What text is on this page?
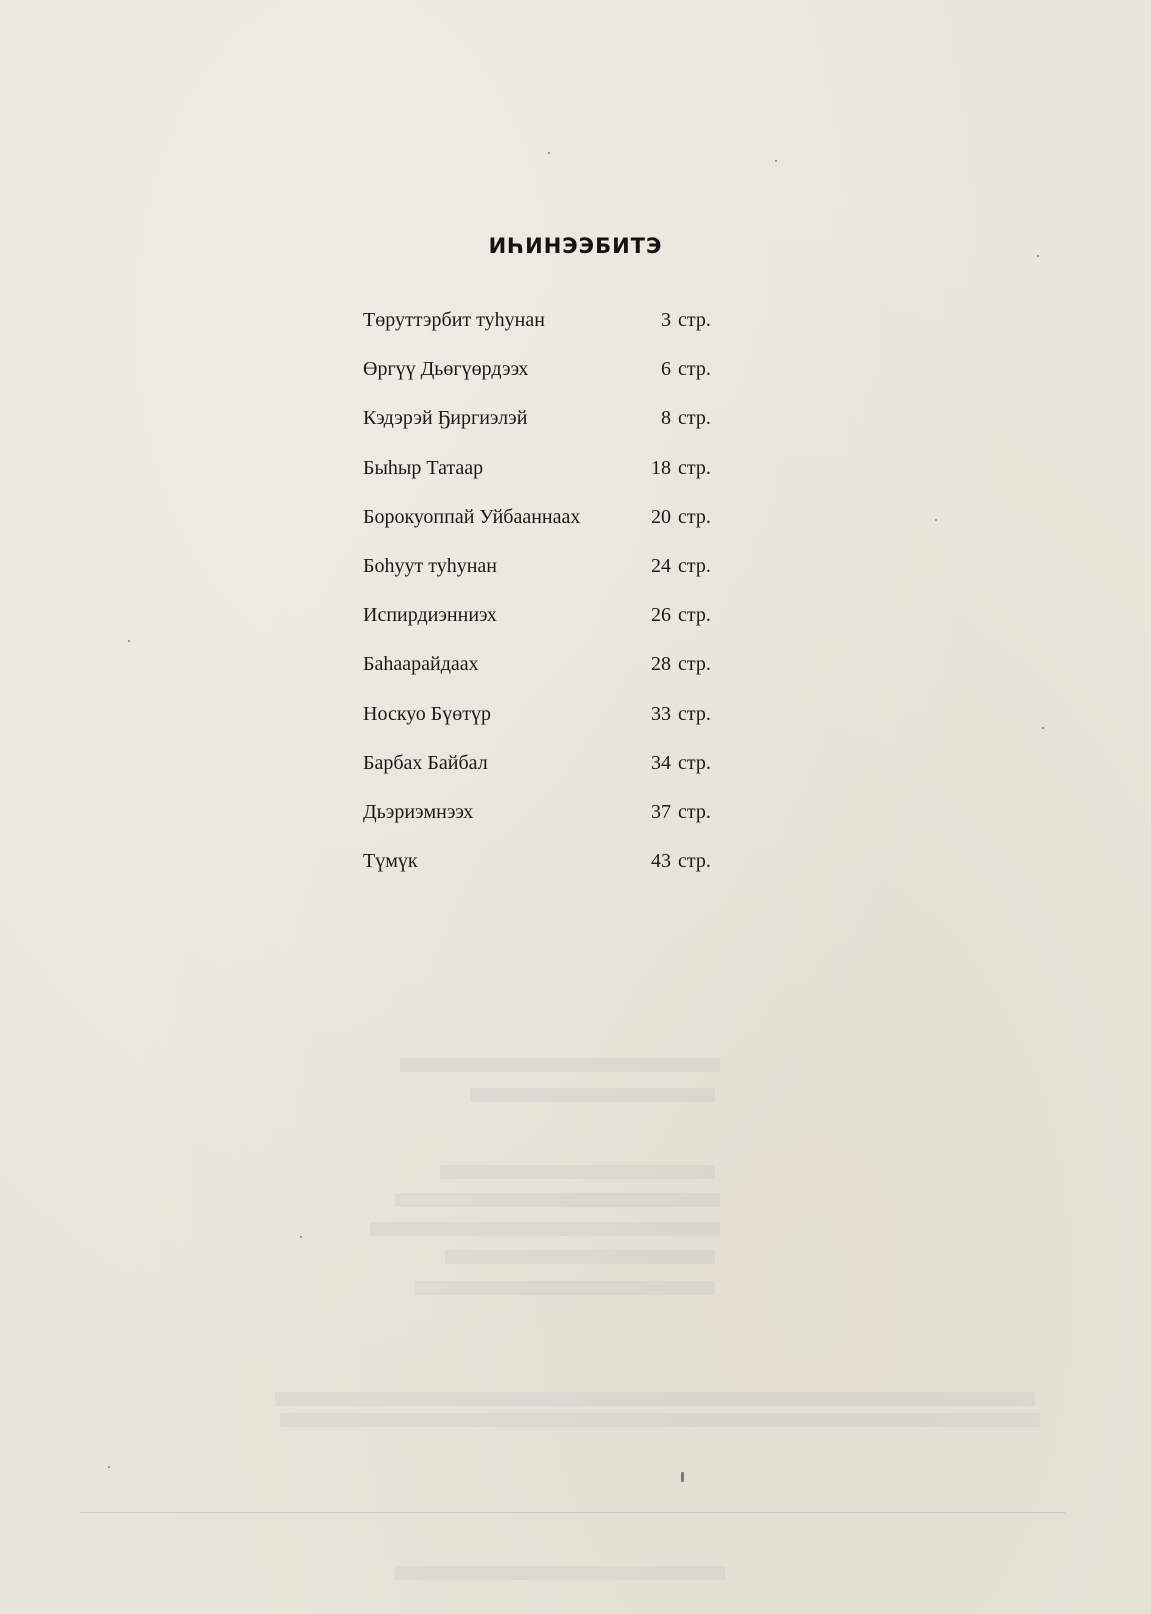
ИҺИНЭЭБИТЭ
Төруттэрбит туһунан	3 стр.
Өргүү Дьөгүөрдээх	6 стр.
Кэдэрэй Ҕиргиэлэй	8 стр.
Быһыр Татаар	18 стр.
Борокуоппай Уйбааннаах	20 стр.
Боһуут туһунан	24 стр.
Испирдиэнниэх	26 стр.
Баһаарайдаах	28 стр.
Носкуо Бүөтүр	33 стр.
Барбах Байбал	34 стр.
Дьэриэмнээх	37 стр.
Түмүк	43 стр.
